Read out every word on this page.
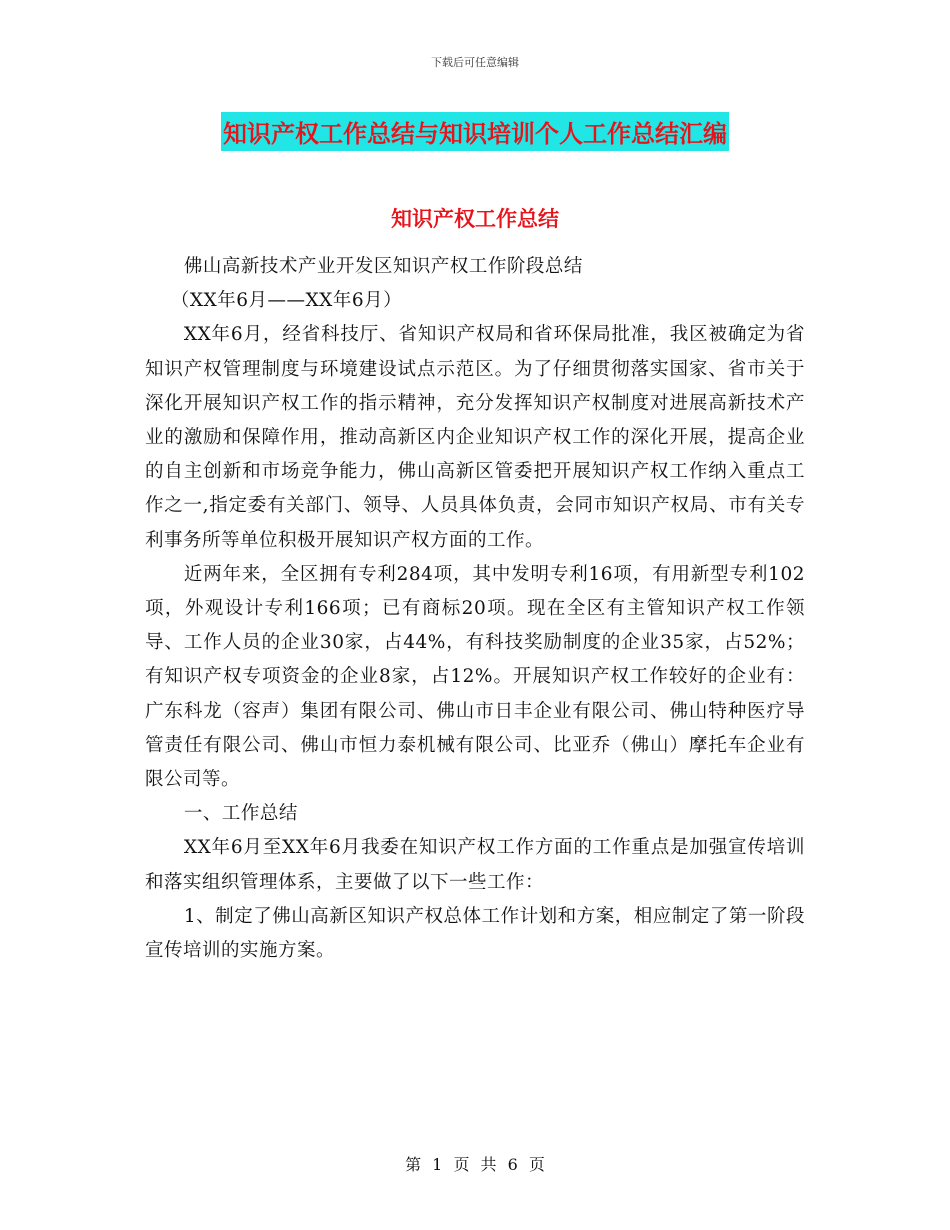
下载后可任意编辑
知识产权工作总结与知识培训个人工作总结汇编
知识产权工作总结

佛山高新技术产业开发区知识产权工作阶段总结

（XX年6月——XX年6月）

XX年6月，经省科技厅、省知识产权局和省环保局批准，我区被确定为省知识产权管理制度与环境建设试点示范区。为了仔细贯彻落实国家、省市关于深化开展知识产权工作的指示精神，充分发挥知识产权制度对进展高新技术产业的激励和保障作用，推动高新区内企业知识产权工作的深化开展，提高企业的自主创新和市场竞争能力，佛山高新区管委把开展知识产权工作纳入重点工作之一,指定委有关部门、领导、人员具体负责，会同市知识产权局、市有关专利事务所等单位积极开展知识产权方面的工作。

近两年来，全区拥有专利284项，其中发明专利16项，有用新型专利102项，外观设计专利166项；已有商标20项。现在全区有主管知识产权工作领导、工作人员的企业30家，占44%，有科技奖励制度的企业35家，占52%；有知识产权专项资金的企业8家，占12%。开展知识产权工作较好的企业有：广东科龙（容声）集团有限公司、佛山市日丰企业有限公司、佛山特种医疗导管责任有限公司、佛山市恒力泰机械有限公司、比亚乔（佛山）摩托车企业有限公司等。

一、工作总结

XX年6月至XX年6月我委在知识产权工作方面的工作重点是加强宣传培训和落实组织管理体系，主要做了以下一些工作：

1、制定了佛山高新区知识产权总体工作计划和方案，相应制定了第一阶段宣传培训的实施方案。

第 1 页 共 6 页
